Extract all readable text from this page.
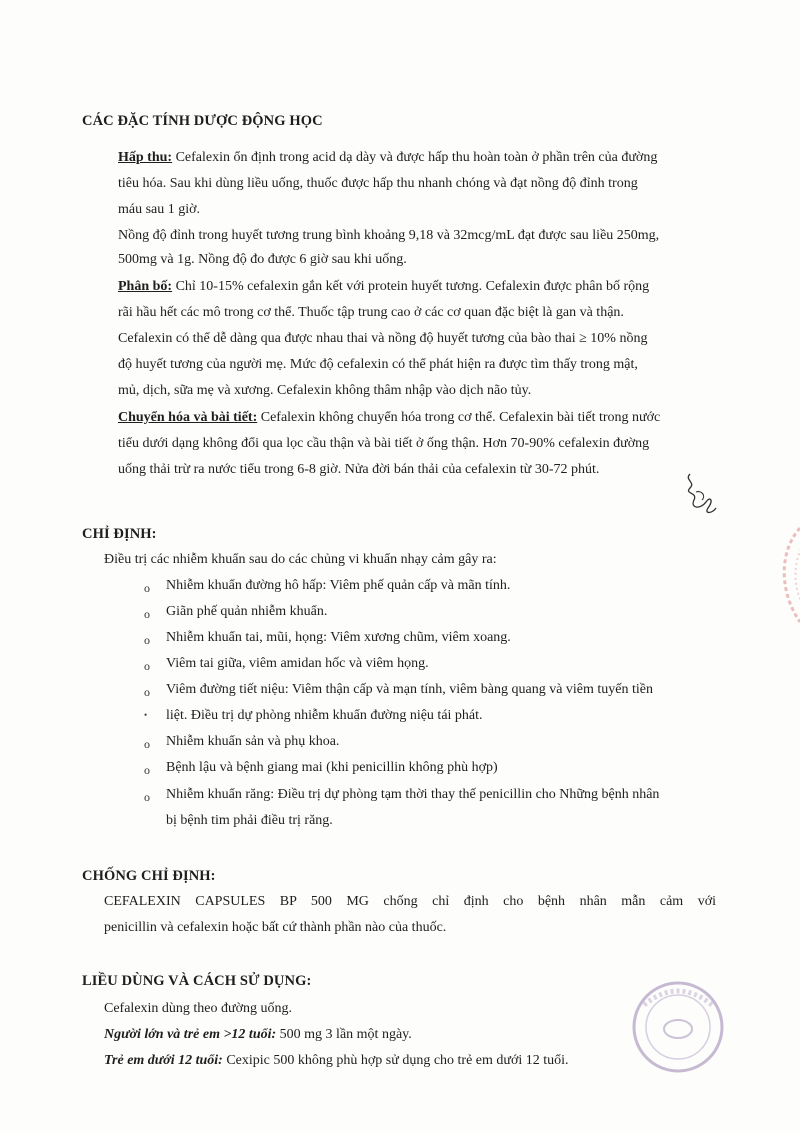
CÁC ĐẶC TÍNH DƯỢC ĐỘNG HỌC

Hấp thu: Cefalexin ổn định trong acid dạ dày và được hấp thu hoàn toàn ở phần trên của đường

tiêu hóa. Sau khi dùng liều uống, thuốc được hấp thu nhanh chóng và đạt nồng độ đỉnh trong

máu sau 1 giờ.

Nồng độ đỉnh trong huyết tương trung bình khoảng 9,18 và 32mcg/mL đạt được sau liều 250mg,

500mg và 1g. Nồng độ đo được 6 giờ sau khi uống.

Phân bố: Chỉ 10-15% cefalexin gắn kết với protein huyết tương. Cefalexin được phân bố rộng

rãi hầu hết các mô trong cơ thể. Thuốc tập trung cao ở các cơ quan đặc biệt là gan và thận.

Cefalexin có thể dễ dàng qua được nhau thai và nồng độ huyết tương của bào thai ≥ 10% nồng

độ huyết tương của người mẹ. Mức độ cefalexin có thể phát hiện ra được tìm thấy trong mật,

mủ, dịch, sữa mẹ và xương. Cefalexin không thâm nhập vào dịch não tủy.

Chuyển hóa và bài tiết: Cefalexin không chuyển hóa trong cơ thể. Cefalexin bài tiết trong nước

tiểu dưới dạng không đổi qua lọc cầu thận và bài tiết ở ống thận. Hơn 70-90% cefalexin đường

uống thải trừ ra nước tiểu trong 6-8 giờ. Nửa đời bán thải của cefalexin từ 30-72 phút.

CHỈ ĐỊNH:

Điều trị các nhiễm khuẩn sau do các chủng vi khuẩn nhạy cảm gây ra:

o Nhiễm khuẩn đường hô hấp: Viêm phế quản cấp và mãn tính.
o Giãn phế quản nhiễm khuẩn.
o Nhiễm khuẩn tai, mũi, họng: Viêm xương chũm, viêm xoang.
o Viêm tai giữa, viêm amidan hốc và viêm họng.
o Viêm đường tiết niệu: Viêm thận cấp và mạn tính, viêm bàng quang và viêm tuyến tiền
• liệt. Điều trị dự phòng nhiễm khuẩn đường niệu tái phát.
o Nhiễm khuẩn sản và phụ khoa.
o Bệnh lậu và bệnh giang mai (khi penicillin không phù hợp)
o Nhiễm khuẩn răng: Điều trị dự phòng tạm thời thay thế penicillin cho Những bệnh nhân
bị bệnh tim phải điều trị răng.
CHỐNG CHỈ ĐỊNH:

CEFALEXIN CAPSULES BP 500 MG chống chỉ định cho bệnh nhân mẫn cảm với

penicillin và cefalexin hoặc bất cứ thành phần nào của thuốc.

LIỀU DÙNG VÀ CÁCH SỬ DỤNG:

Cefalexin dùng theo đường uống.

Người lớn và trẻ em >12 tuổi: 500 mg 3 lần một ngày.

Trẻ em dưới 12 tuổi: Cexipic 500 không phù hợp sử dụng cho trẻ em dưới 12 tuổi.
